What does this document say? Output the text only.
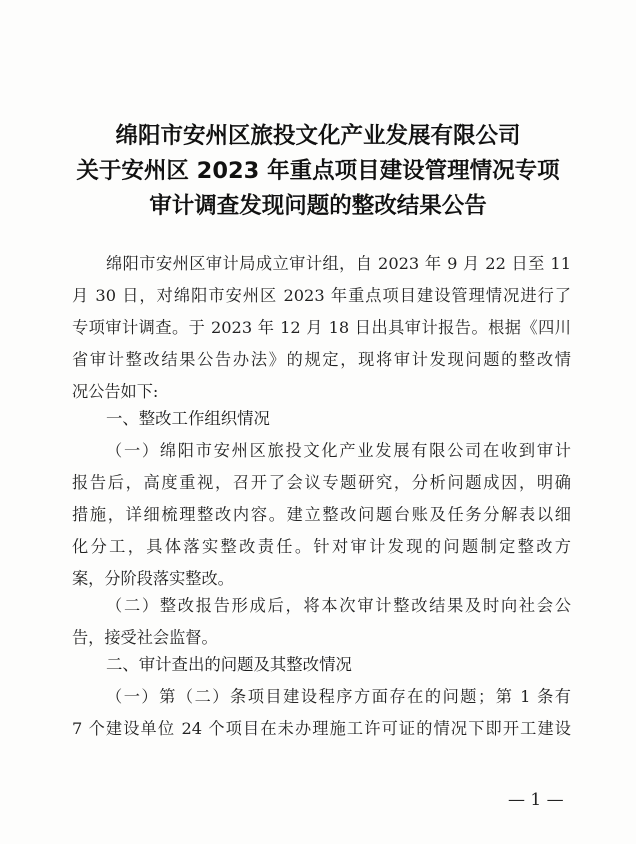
绵阳市安州区旅投文化产业发展有限公司
关于安州区 2023 年重点项目建设管理情况专项
审计调查发现问题的整改结果公告
绵阳市安州区审计局成立审计组，自 2023 年 9 月 22 日至 11
月 30 日，对绵阳市安州区 2023 年重点项目建设管理情况进行了
专项审计调查。于 2023 年 12 月 18 日出具审计报告。根据《四川
省审计整改结果公告办法》的规定，现将审计发现问题的整改情
况公告如下:
一、整改工作组织情况
（一）绵阳市安州区旅投文化产业发展有限公司在收到审计
报告后，高度重视，召开了会议专题研究，分析问题成因，明确
措施，详细梳理整改内容。建立整改问题台账及任务分解表以细
化分工，具体落实整改责任。针对审计发现的问题制定整改方
案，分阶段落实整改。
（二）整改报告形成后，将本次审计整改结果及时向社会公
告，接受社会监督。
二、审计查出的问题及其整改情况
（一）第（二）条项目建设程序方面存在的问题；第 1 条有
7 个建设单位 24 个项目在未办理施工许可证的情况下即开工建设
— 1 —
